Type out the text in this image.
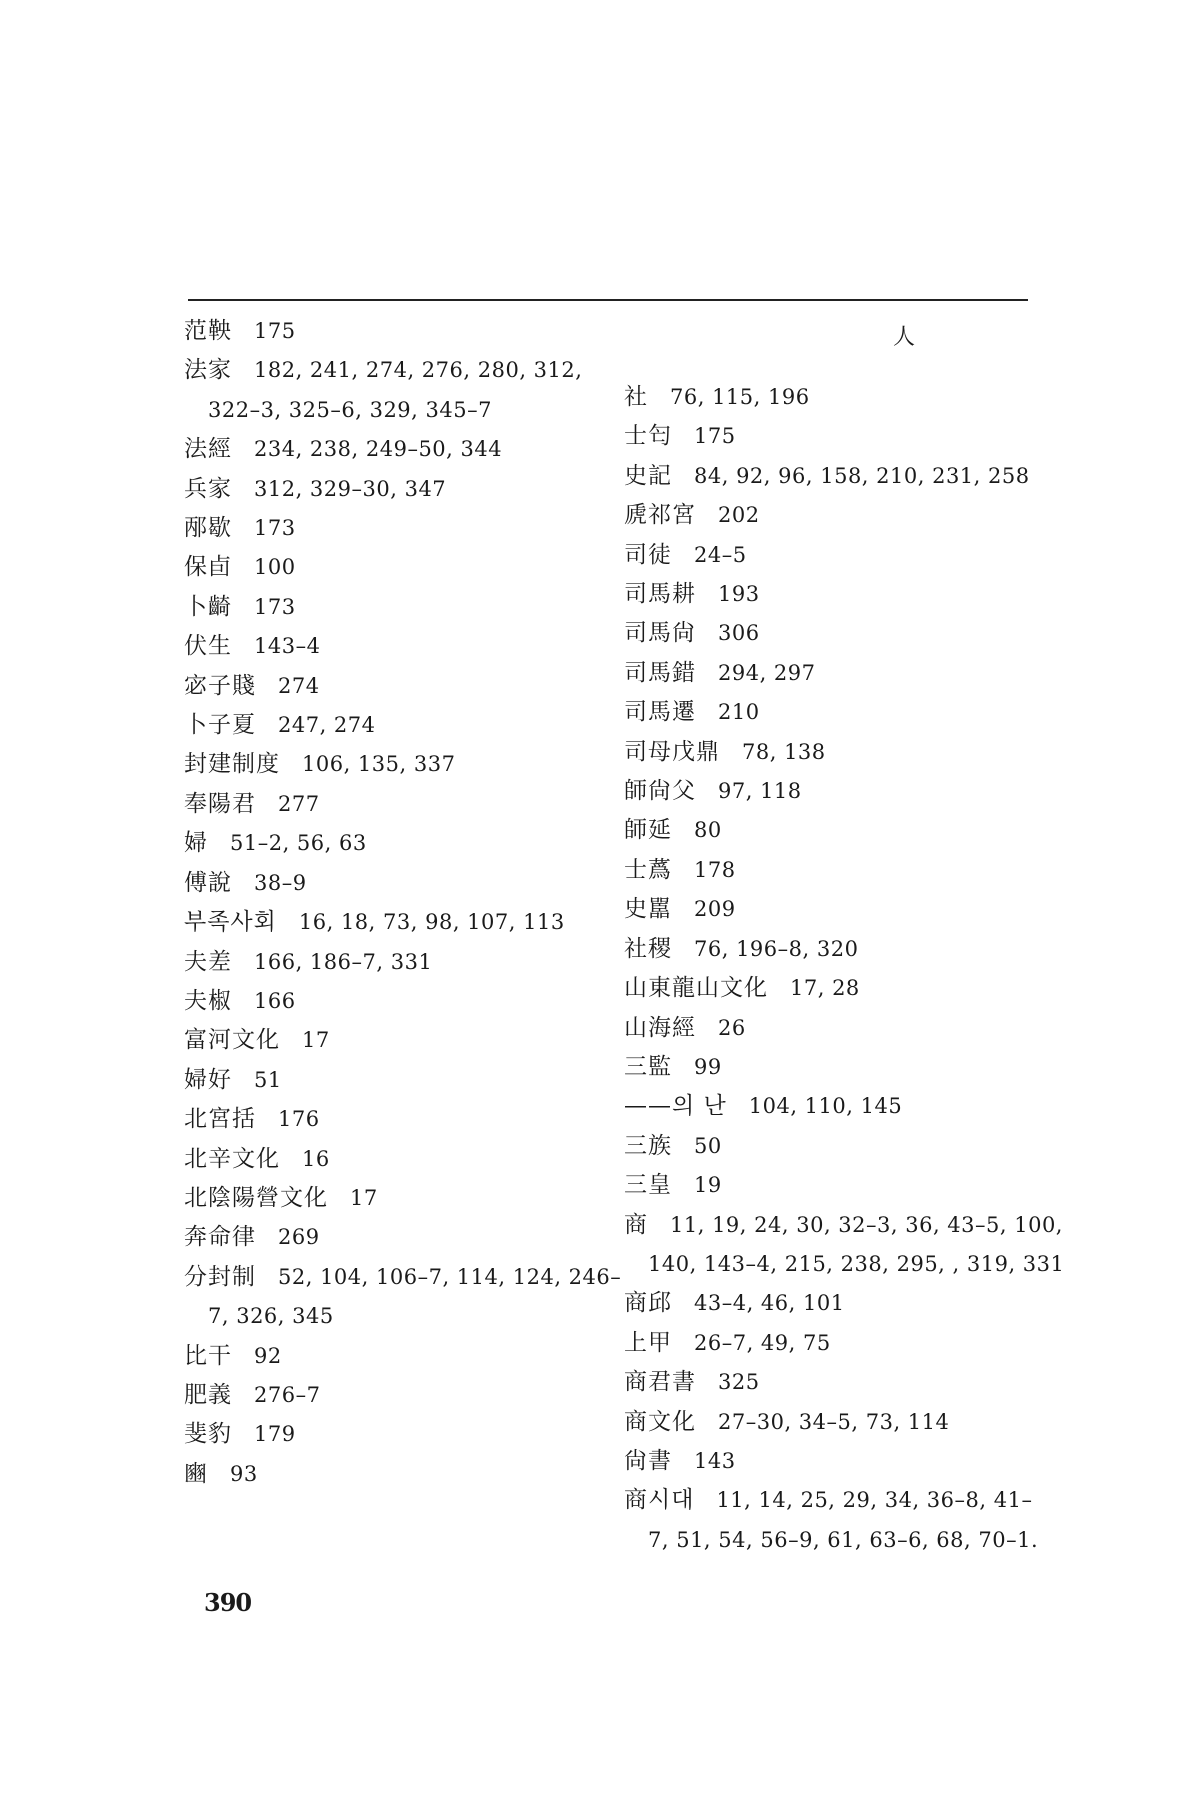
范鞅 175
法家 182, 241, 274, 276, 280, 312,
322–3, 325–6, 329, 345–7
法經 234, 238, 249–50, 344
兵家 312, 329–30, 347
邴歇 173
保卣 100
卜齮 173
伏生 143–4
宓子賤 274
卜子夏 247, 274
封建制度 106, 135, 337
奉陽君 277
婦 51–2, 56, 63
傅說 38–9
부족사회 16, 18, 73, 98, 107, 113
夫差 166, 186–7, 331
夫椒 166
富河文化 17
婦好 51
北宮括 176
北辛文化 16
北陰陽營文化 17
奔命律 269
分封制 52, 104, 106–7, 114, 124, 246–
7, 326, 345
比干 92
肥義 276–7
斐豹 179
豳 93
人
社 76, 115, 196
士匄 175
史記 84, 92, 96, 158, 210, 231, 258
虒祁宮 202
司徒 24–5
司馬耕 193
司馬尙 306
司馬錯 294, 297
司馬遷 210
司母戊鼎 78, 138
師尙父 97, 118
師延 80
士蔿 178
史嚚 209
社稷 76, 196–8, 320
山東龍山文化 17, 28
山海經 26
三監 99
——의 난 104, 110, 145
三族 50
三皇 19
商 11, 19, 24, 30, 32–3, 36, 43–5, 100,
140, 143–4, 215, 238, 295, , 319, 331
商邱 43–4, 46, 101
上甲 26–7, 49, 75
商君書 325
商文化 27–30, 34–5, 73, 114
尙書 143
商시대 11, 14, 25, 29, 34, 36–8, 41–
7, 51, 54, 56–9, 61, 63–6, 68, 70–1.
390
